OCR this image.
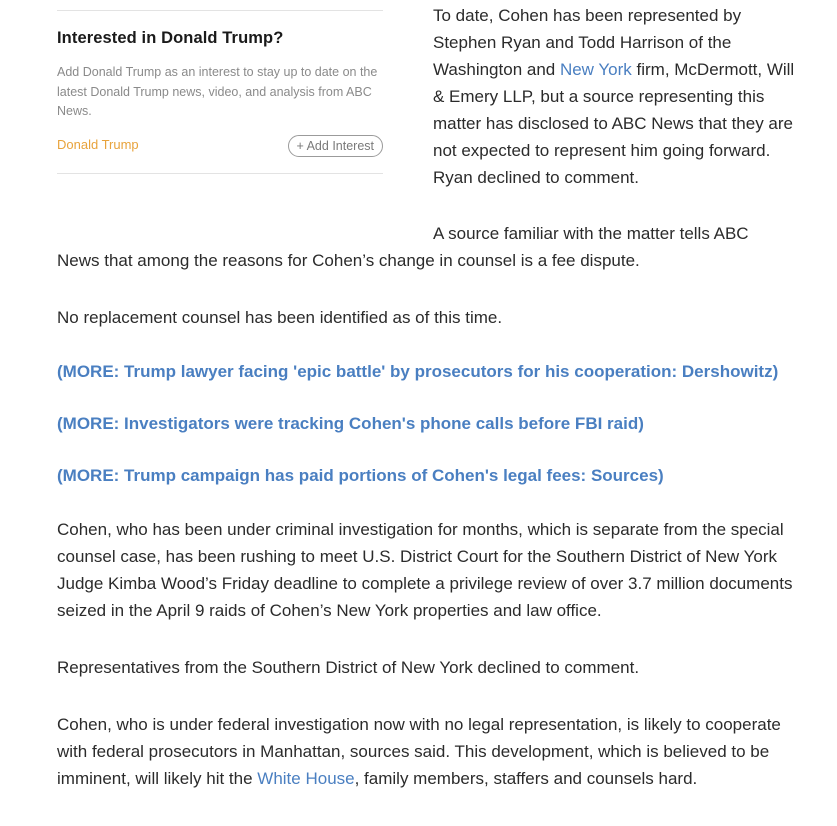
Interested in Donald Trump?

Add Donald Trump as an interest to stay up to date on the latest Donald Trump news, video, and analysis from ABC News.

Donald Trump	+ Add Interest

To date, Cohen has been represented by Stephen Ryan and Todd Harrison of the Washington and New York firm, McDermott, Will & Emery LLP, but a source representing this matter has disclosed to ABC News that they are not expected to represent him going forward. Ryan declined to comment.

A source familiar with the matter tells ABC

News that among the reasons for Cohen’s change in counsel is a fee dispute.

No replacement counsel has been identified as of this time.

(MORE: Trump lawyer facing 'epic battle' by prosecutors for his cooperation: Dershowitz)
(MORE: Investigators were tracking Cohen's phone calls before FBI raid)
(MORE: Trump campaign has paid portions of Cohen's legal fees: Sources)

Cohen, who has been under criminal investigation for months, which is separate from the special counsel case, has been rushing to meet U.S. District Court for the Southern District of New York Judge Kimba Wood’s Friday deadline to complete a privilege review of over 3.7 million documents seized in the April 9 raids of Cohen’s New York properties and law office.

Representatives from the Southern District of New York declined to comment.

Cohen, who is under federal investigation now with no legal representation, is likely to cooperate with federal prosecutors in Manhattan, sources said. This development, which is believed to be imminent, will likely hit the White House, family members, staffers and counsels hard.
